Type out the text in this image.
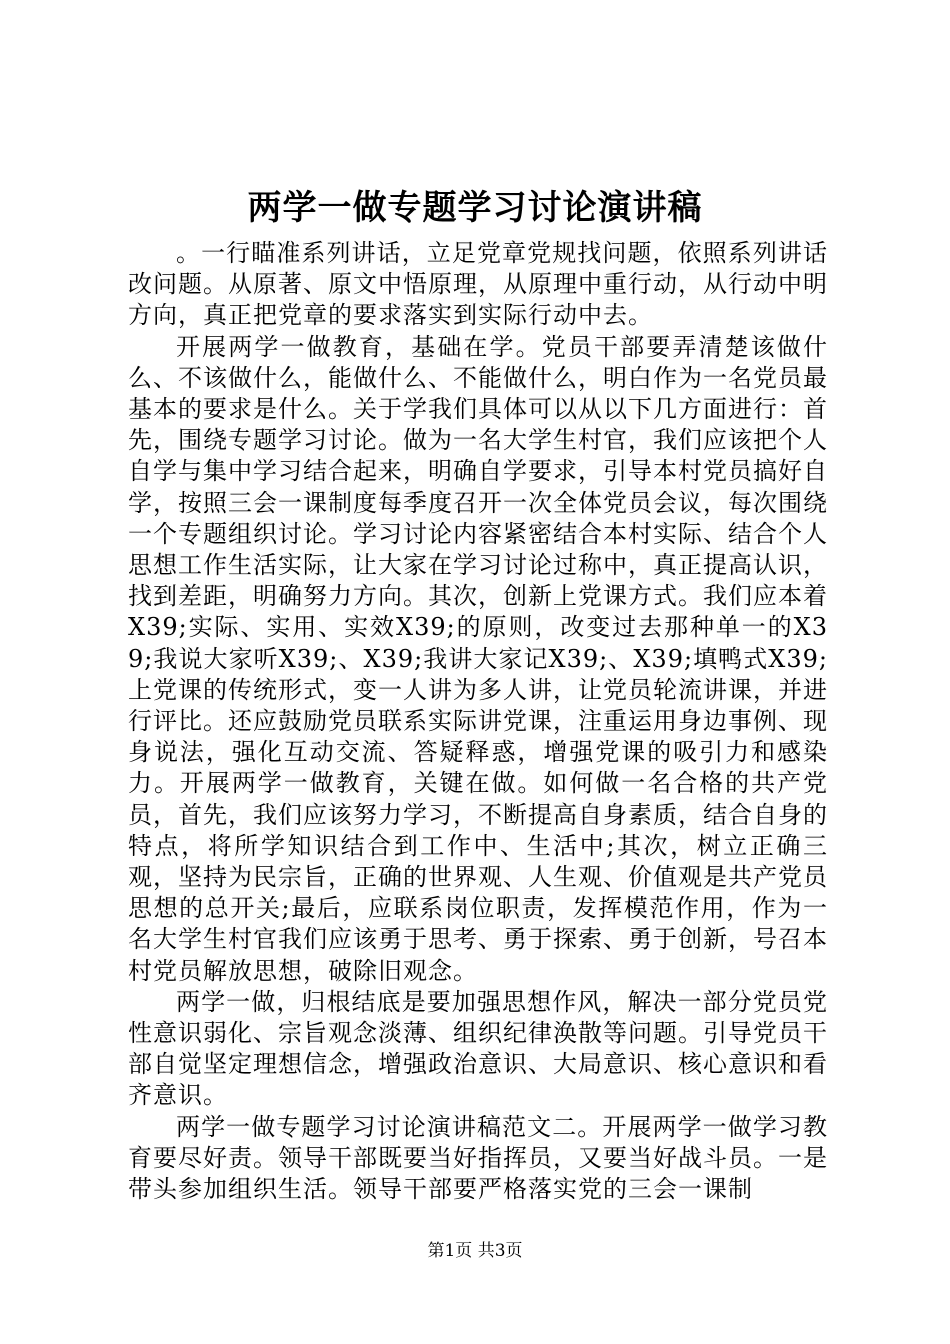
两学一做专题学习讨论演讲稿

。一行瞄准系列讲话，立足党章党规找问题，依照系列讲话改问题。从原著、原文中悟原理，从原理中重行动，从行动中明方向，真正把党章的要求落实到实际行动中去。

开展两学一做教育，基础在学。党员干部要弄清楚该做什么、不该做什么，能做什么、不能做什么，明白作为一名党员最基本的要求是什么。关于学我们具体可以从以下几方面进行：首先，围绕专题学习讨论。做为一名大学生村官，我们应该把个人自学与集中学习结合起来，明确自学要求，引导本村党员搞好自学，按照三会一课制度每季度召开一次全体党员会议，每次围绕一个专题组织讨论。学习讨论内容紧密结合本村实际、结合个人思想工作生活实际，让大家在学习讨论过称中，真正提高认识，找到差距，明确努力方向。其次，创新上党课方式。我们应本着X39;实际、实用、实效X39;的原则，改变过去那种单一的X39;我说大家听X39;、X39;我讲大家记X39;、X39;填鸭式X39;上党课的传统形式，变一人讲为多人讲，让党员轮流讲课，并进行评比。还应鼓励党员联系实际讲党课，注重运用身边事例、现身说法，强化互动交流、答疑释惑，增强党课的吸引力和感染力。开展两学一做教育，关键在做。如何做一名合格的共产党员，首先，我们应该努力学习，不断提高自身素质，结合自身的特点，将所学知识结合到工作中、生活中;其次，树立正确三观，坚持为民宗旨，正确的世界观、人生观、价值观是共产党员思想的总开关;最后，应联系岗位职责，发挥模范作用，作为一名大学生村官我们应该勇于思考、勇于探索、勇于创新，号召本村党员解放思想，破除旧观念。

两学一做，归根结底是要加强思想作风，解决一部分党员党性意识弱化、宗旨观念淡薄、组织纪律涣散等问题。引导党员干部自觉坚定理想信念，增强政治意识、大局意识、核心意识和看齐意识。

两学一做专题学习讨论演讲稿范文二。开展两学一做学习教育要尽好责。领导干部既要当好指挥员，又要当好战斗员。一是带头参加组织生活。领导干部要严格落实党的三会一课制

第1页 共3页
